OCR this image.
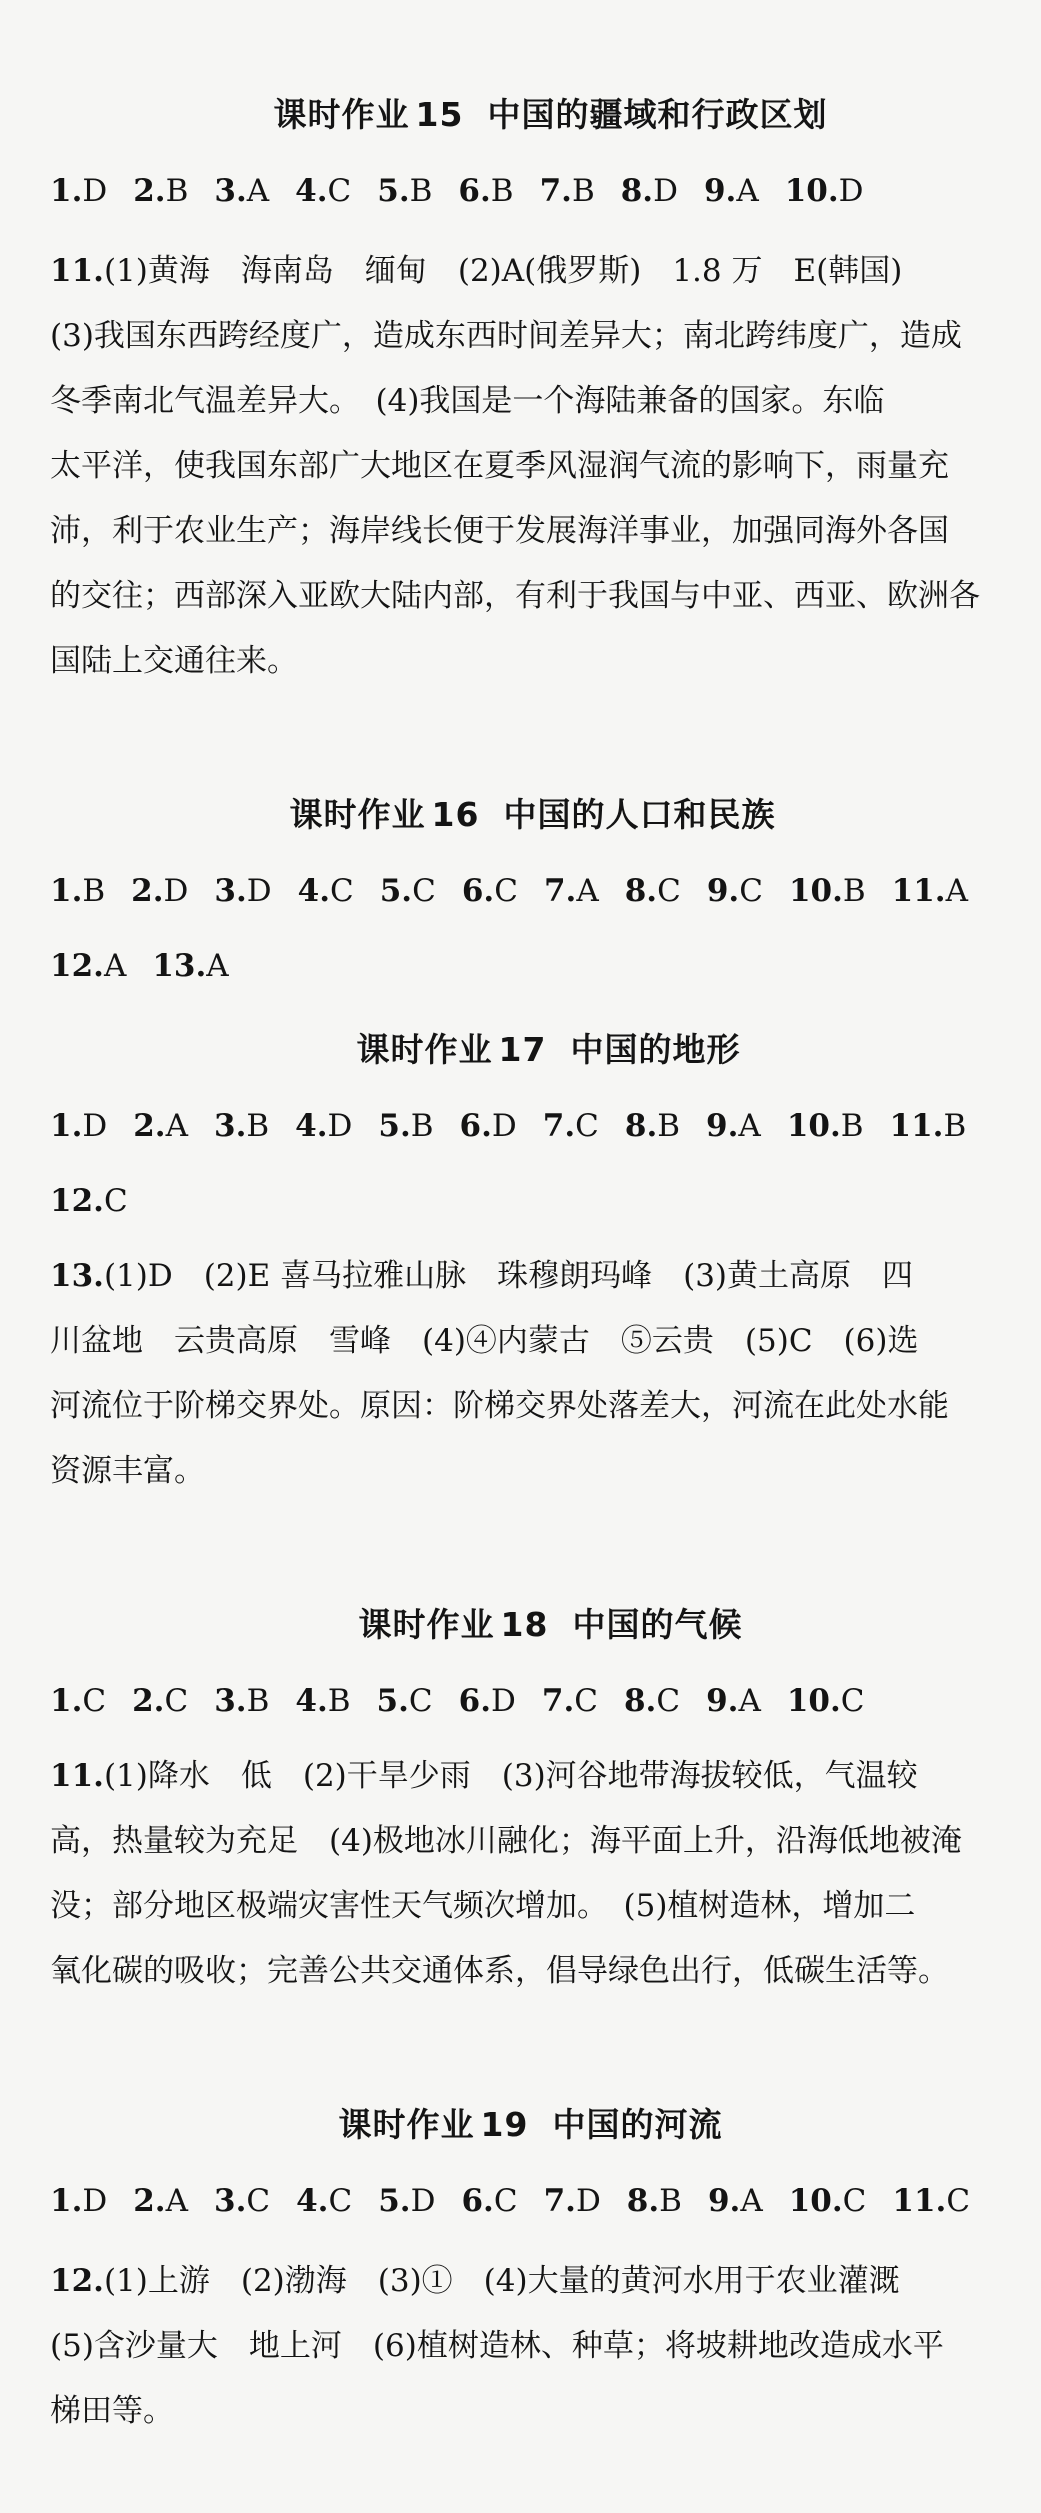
课时作业 15 中国的疆域和行政区划
1.D 2.B 3.A 4.C 5.B 6.B 7.B 8.D 9.A 10.D
11.(1)黄海　海南岛　缅甸　(2)A(俄罗斯)　1.8 万　E(韩国)
(3)我国东西跨经度广，造成东西时间差异大；南北跨纬度广，造成
冬季南北气温差异大。　(4)我国是一个海陆兼备的国家。东临
太平洋，使我国东部广大地区在夏季风湿润气流的影响下，雨量充
沛，利于农业生产；海岸线长便于发展海洋事业，加强同海外各国
的交往；西部深入亚欧大陆内部，有利于我国与中亚、西亚、欧洲各
国陆上交通往来。
课时作业 16 中国的人口和民族
1.B 2.D 3.D 4.C 5.C 6.C 7.A 8.C 9.C 10.B 11.A
12.A 13.A
课时作业 17 中国的地形
1.D 2.A 3.B 4.D 5.B 6.D 7.C 8.B 9.A 10.B 11.B
12.C
13.(1)D　(2)E 喜马拉雅山脉　珠穆朗玛峰　(3)黄土高原　四
川盆地　云贵高原　雪峰　(4)④内蒙古　⑤云贵　(5)C　(6)选
河流位于阶梯交界处。原因：阶梯交界处落差大，河流在此处水能
资源丰富。
课时作业 18 中国的气候
1.C 2.C 3.B 4.B 5.C 6.D 7.C 8.C 9.A 10.C
11.(1)降水　低　(2)干旱少雨　(3)河谷地带海拔较低，气温较
高，热量较为充足　(4)极地冰川融化；海平面上升，沿海低地被淹
没；部分地区极端灾害性天气频次增加。　(5)植树造林，增加二
氧化碳的吸收；完善公共交通体系，倡导绿色出行，低碳生活等。
课时作业 19 中国的河流
1.D 2.A 3.C 4.C 5.D 6.C 7.D 8.B 9.A 10.C 11.C
12.(1)上游　(2)渤海　(3)①　(4)大量的黄河水用于农业灌溉
(5)含沙量大　地上河　(6)植树造林、种草；将坡耕地改造成水平
梯田等。
